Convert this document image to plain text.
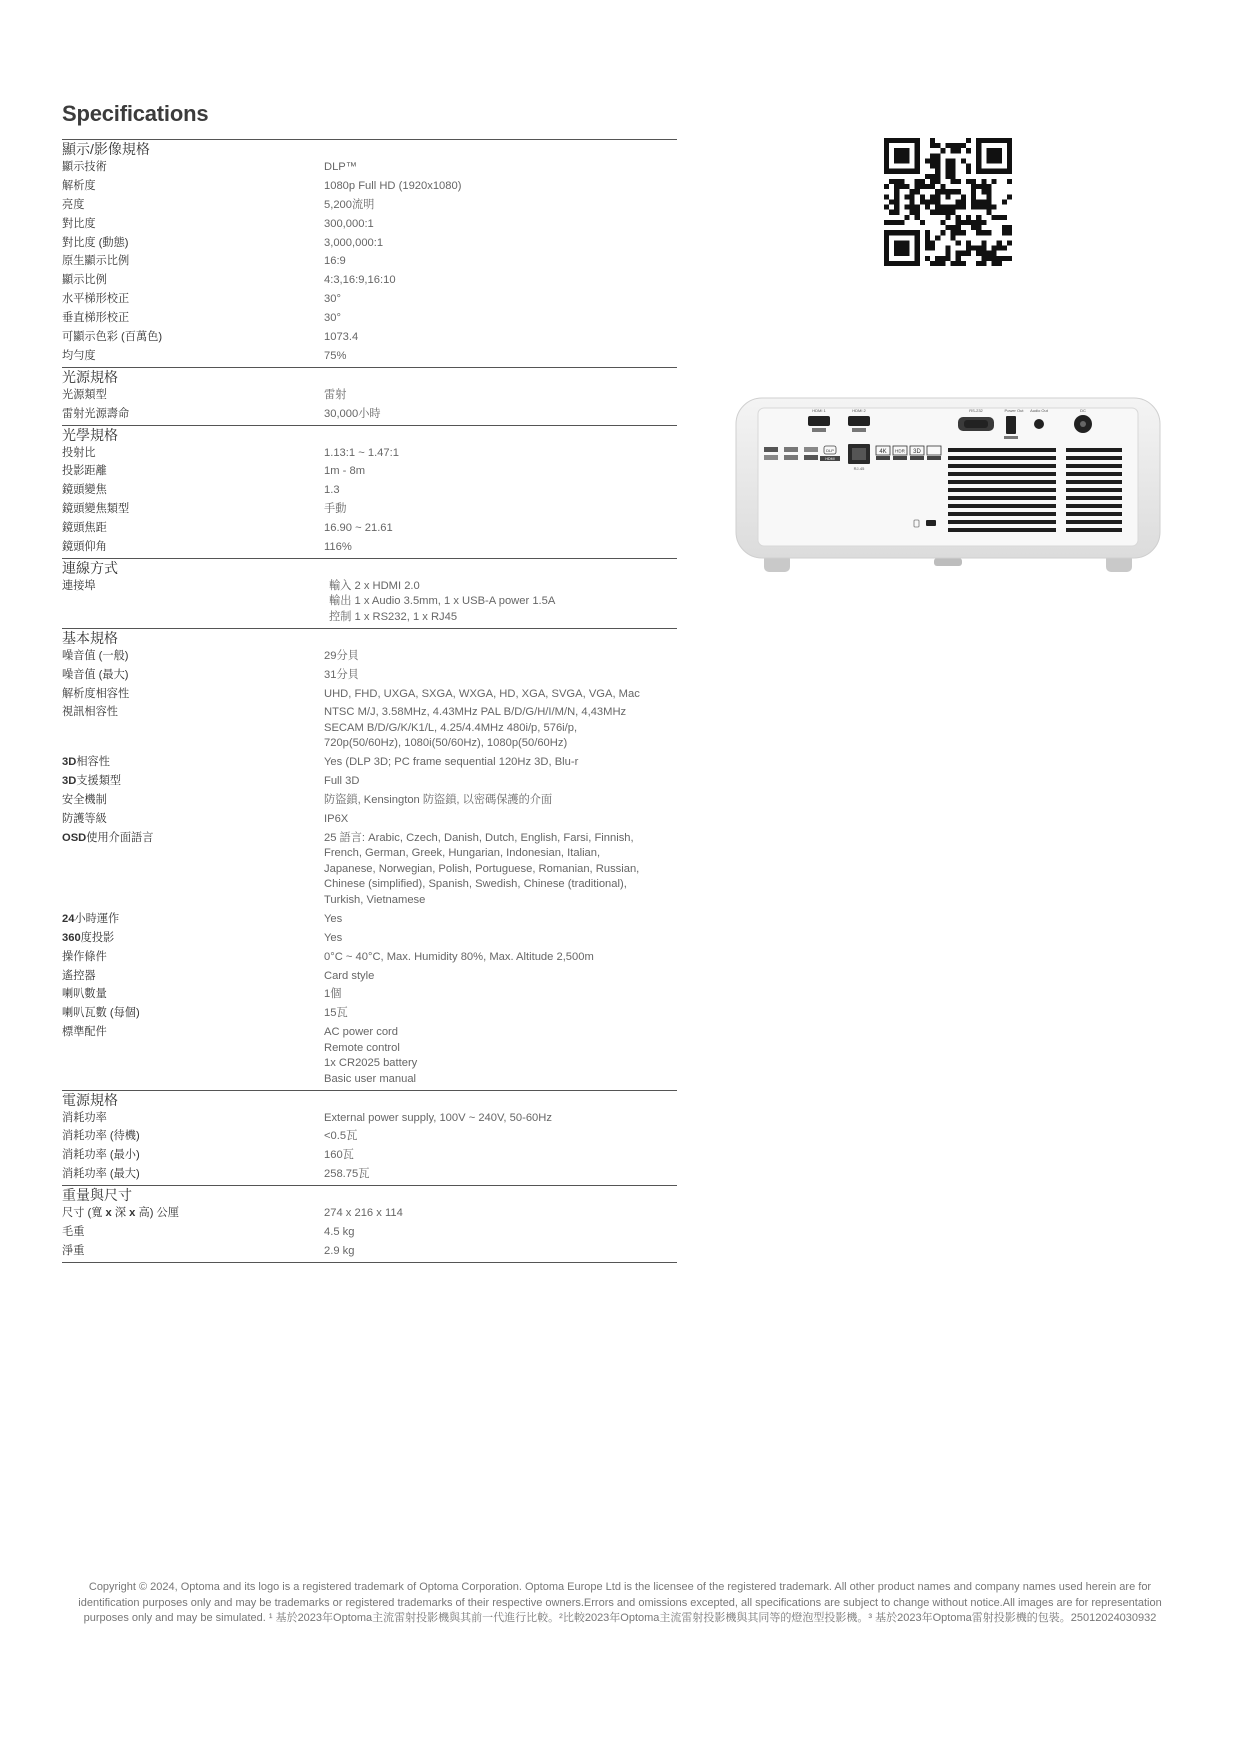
Specifications
顯示/影像規格
顯示技術	DLP™
解析度	1080p Full HD (1920x1080)
亮度	5,200流明
對比度	300,000:1
對比度 (動態)	3,000,000:1
原生顯示比例	16:9
顯示比例	4:3,16:9,16:10
水平梯形校正	30°
垂直梯形校正	30°
可顯示色彩 (百萬色)	1073.4
均勻度	75%
光源規格
光源類型	雷射
雷射光源壽命	30,000小時
光學規格
投射比	1.13:1 ~ 1.47:1
投影距離	1m - 8m
鏡頭變焦	1.3
鏡頭變焦類型	手動
鏡頭焦距	16.90 ~ 21.61
鏡頭仰角	116%
連線方式
連接埠	輸入 2 x HDMI 2.0
輸出 1 x Audio 3.5mm, 1 x USB-A power 1.5A
控制 1 x RS232, 1 x RJ45
基本規格
噪音值 (一般)	29分貝
噪音值 (最大)	31分貝
解析度相容性	UHD, FHD, UXGA, SXGA, WXGA, HD, XGA, SVGA, VGA, Mac
視訊相容性	NTSC M/J, 3.58MHz, 4.43MHz PAL B/D/G/H/I/M/N, 4,43MHz
SECAM B/D/G/K/K1/L, 4.25/4.4MHz 480i/p, 576i/p,
720p(50/60Hz), 1080i(50/60Hz), 1080p(50/60Hz)
3D相容性	Yes (DLP 3D; PC frame sequential 120Hz 3D, Blu-r
3D支援類型	Full 3D
安全機制	防盜鎖, Kensington 防盜鎖, 以密碼保護的介面
防護等級	IP6X
OSD使用介面語言	25 語言: Arabic, Czech, Danish, Dutch, English, Farsi, Finnish,
French, German, Greek, Hungarian, Indonesian, Italian,
Japanese, Norwegian, Polish, Portuguese, Romanian, Russian,
Chinese (simplified), Spanish, Swedish, Chinese (traditional),
Turkish, Vietnamese
24小時運作	Yes
360度投影	Yes
操作條件	0°C ~ 40°C, Max. Humidity 80%, Max. Altitude 2,500m
遙控器	Card style
喇叭數量	1個
喇叭瓦數 (每個)	15瓦
標準配件	AC power cord
Remote control
1x CR2025 battery
Basic user manual
電源規格
消耗功率	External power supply, 100V ~ 240V, 50-60Hz
消耗功率 (待機)	<0.5瓦
消耗功率 (最小)	160瓦
消耗功率 (最大)	258.75瓦
重量與尺寸
尺寸 (寬 x 深 x 高) 公厘	274 x 216 x 114
毛重	4.5 kg
淨重	2.9 kg
HDMI 1	HDMI 2	RS-232	Power Out Audio Out	DC
DLP
HDMI
RJ-45
4K HDR 3D
Copyright © 2024, Optoma and its logo is a registered trademark of Optoma Corporation. Optoma Europe Ltd is the licensee of the registered trademark. All other product names and company names used herein are for identification purposes only and may be trademarks or registered trademarks of their respective owners.Errors and omissions excepted, all specifications are subject to change without notice.All images are for representation purposes only and may be simulated. ¹ 基於2023年Optoma主流雷射投影機與其前一代進行比較。²比較2023年Optoma主流雷射投影機與其同等的燈泡型投影機。³ 基於2023年Optoma雷射投影機的包裝。25012024030932
